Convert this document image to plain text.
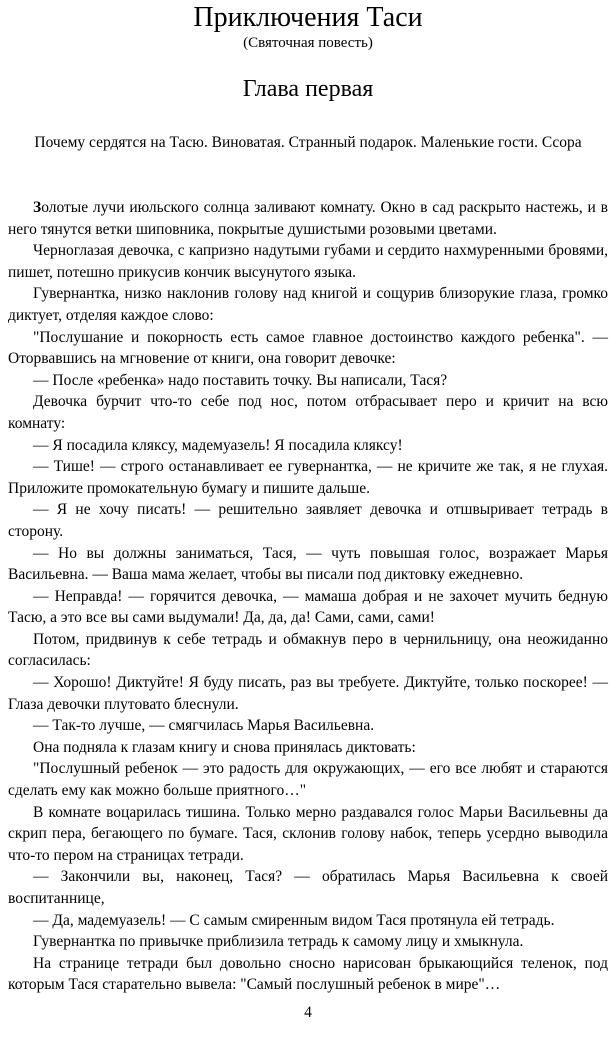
Приключения Таси

(Святочная повесть)

Глава первая

Почему сердятся на Тасю. Виноватая. Странный подарок. Маленькие гости. Ссора

Золотые лучи июльского солнца заливают комнату. Окно в сад раскрыто настежь, и в него тянутся ветки шиповника, покрытые душистыми розовыми цветами.

Черноглазая девочка, с капризно надутыми губами и сердито нахмуренными бровями, пишет, потешно прикусив кончик высунутого языка.

Гувернантка, низко наклонив голову над книгой и сощурив близорукие глаза, громко диктует, отделяя каждое слово:

"Послушание и покорность есть самое главное достоинство каждого ребенка". — Оторвавшись на мгновение от книги, она говорит девочке:

— После «ребенка» надо поставить точку. Вы написали, Тася?

Девочка бурчит что-то себе под нос, потом отбрасывает перо и кричит на всю комнату:

— Я посадила кляксу, мадемуазель! Я посадила кляксу!

— Тише! — строго останавливает ее гувернантка, — не кричите же так, я не глухая. Приложите промокательную бумагу и пишите дальше.

— Я не хочу писать! — решительно заявляет девочка и отшвыривает тетрадь в сторону.

— Но вы должны заниматься, Тася, — чуть повышая голос, возражает Марья Васильевна. — Ваша мама желает, чтобы вы писали под диктовку ежедневно.

— Неправда! — горячится девочка, — мамаша добрая и не захочет мучить бедную Тасю, а это все вы сами выдумали! Да, да, да! Сами, сами, сами!

Потом, придвинув к себе тетрадь и обмакнув перо в чернильницу, она неожиданно согласилась:

— Хорошо! Диктуйте! Я буду писать, раз вы требуете. Диктуйте, только поскорее! — Глаза девочки плутовато блеснули.

— Так-то лучше, — смягчилась Марья Васильевна.

Она подняла к глазам книгу и снова принялась диктовать:

"Послушный ребенок — это радость для окружающих, — его все любят и стараются сделать ему как можно больше приятного…"

В комнате воцарилась тишина. Только мерно раздавался голос Марьи Васильевны да скрип пера, бегающего по бумаге. Тася, склонив голову набок, теперь усердно выводила что-то пером на страницах тетради.

— Закончили вы, наконец, Тася? — обратилась Марья Васильевна к своей воспитаннице,

— Да, мадемуазель! — С самым смиренным видом Тася протянула ей тетрадь.

Гувернантка по привычке приблизила тетрадь к самому лицу и хмыкнула.

На странице тетради был довольно сносно нарисован брыкающийся теленок, под которым Тася старательно вывела: "Самый послушный ребенок в мире"…

4
